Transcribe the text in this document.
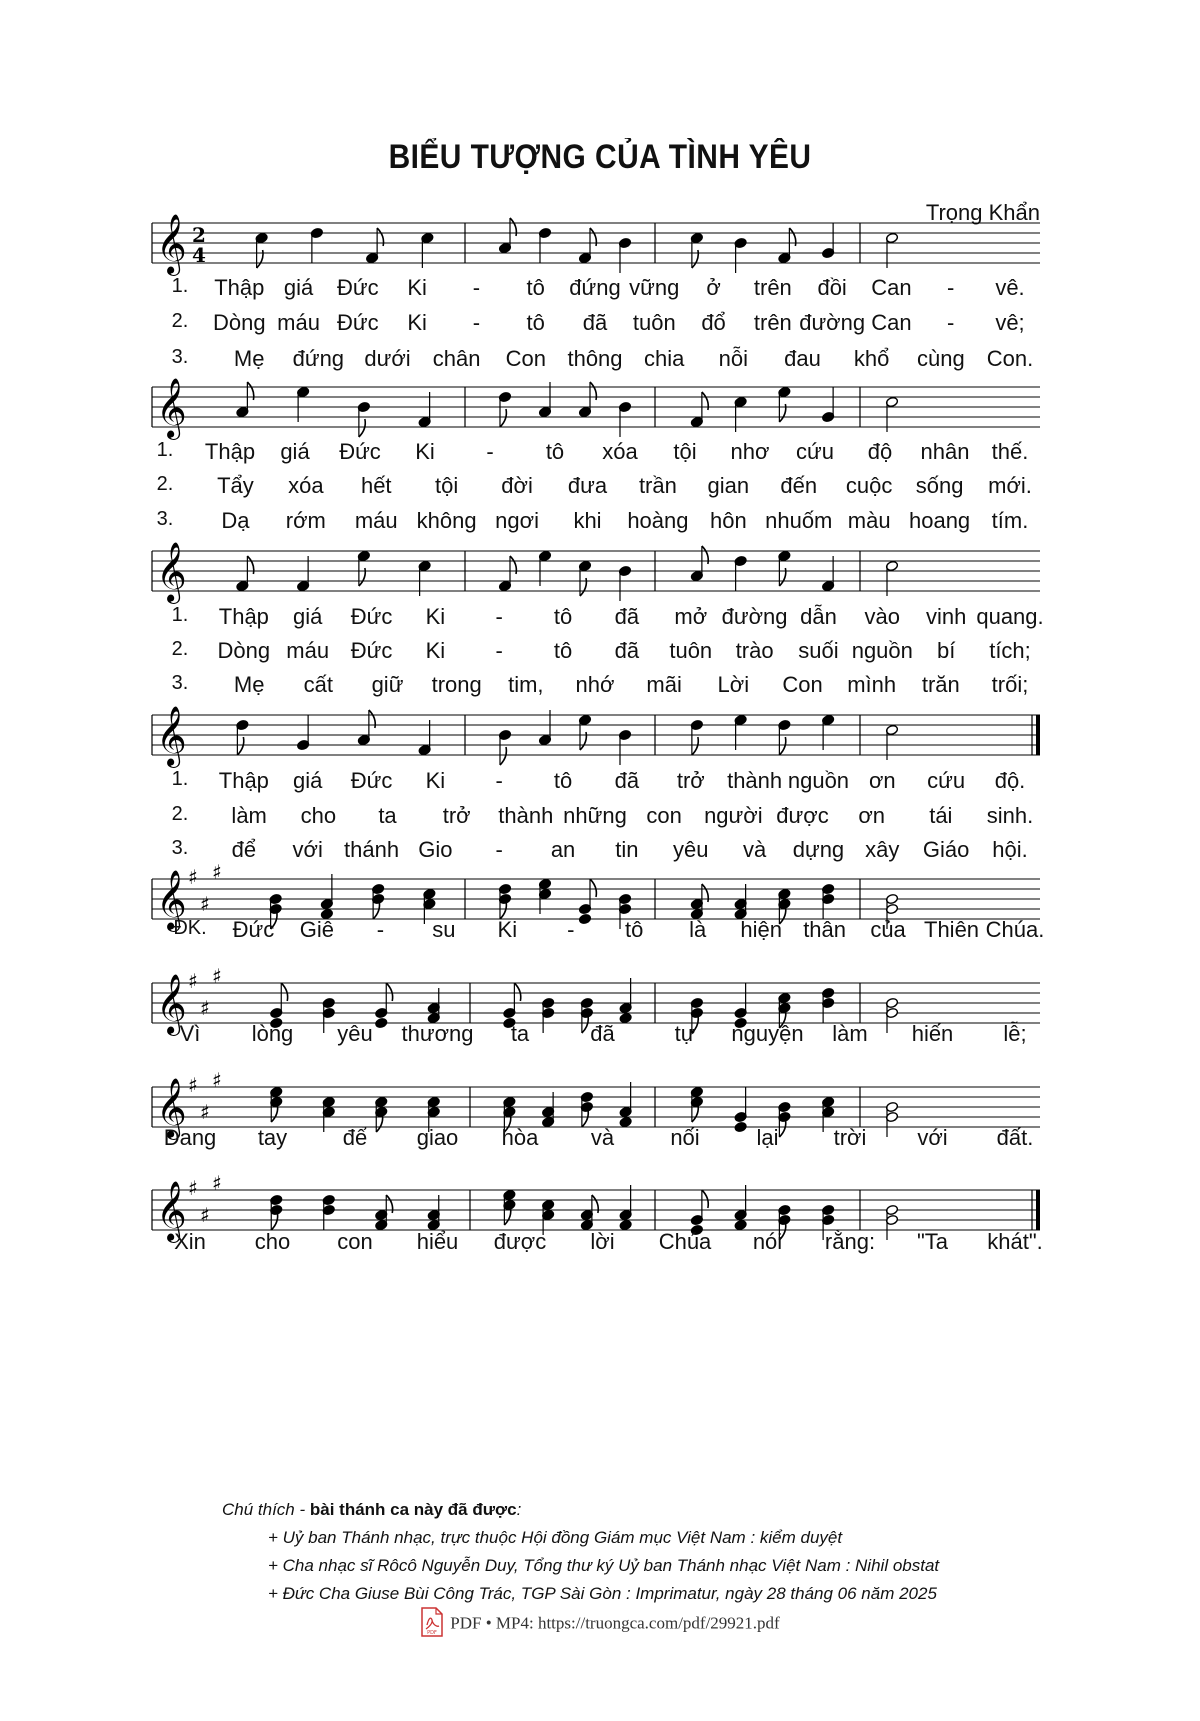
BIỂU TƯỢNG CỦA TÌNH YÊU
Trọng Khẩn
𝄞 2
4
1. Thập giá Đức Ki - tô đứng vững ở trên đồi Can - vê.
2. Dòng máu Đức Ki - tô đã tuôn đổ trên đường Can - vê;
3. Mẹ đứng dưới chân Con thông chia nỗi đau khổ cùng Con.
𝄞
1. Thập giá Đức Ki - tô xóa tội nhơ cứu độ nhân thế.
2. Tẩy xóa hết tội đời đưa trần gian đến cuộc sống mới.
3. Dạ rớm máu không ngơi khi hoàng hôn nhuốm màu hoang tím.
𝄞
1. Thập giá Đức Ki - tô đã mở đường dẫn vào vinh quang.
2. Dòng máu Đức Ki - tô đã tuôn trào suối nguồn bí tích;
3. Mẹ cất giữ trong tim, nhớ mãi Lời Con mình trăn trối;
𝄞
1. Thập giá Đức Ki - tô đã trở thành nguồn ơn cứu độ.
2. làm cho ta trở thành những con người được ơn tái sinh.
3. để với thánh Gio - an tin yêu và dựng xây Giáo hội.
𝄞 ♯
♯
♯
ĐK. Đức Giê - su Ki - tô là hiện thân của Thiên Chúa.
𝄞 ♯
♯
♯
Vì lòng yêu thương ta	đã	tự nguyện làm hiến lễ;
𝄞 ♯
♯
♯
Dang tay	để giao hòa và	nối	lại	trời với đất.
𝄞 ♯
♯
♯
Xin cho con hiểu được lời Chúa nói rằng: "Ta khát".
Chú thích - bài thánh ca này đã được:
+ Uỷ ban Thánh nhạc, trực thuộc Hội đồng Giám mục Việt Nam : kiểm duyệt
+ Cha nhạc sĩ Rôcô Nguyễn Duy, Tổng thư ký Uỷ ban Thánh nhạc Việt Nam : Nihil obstat
+ Đức Cha Giuse Bùi Công Trác, TGP Sài Gòn : Imprimatur, ngày 28 tháng 06 năm 2025
PDF
PDF • MP4: https://truongca.com/pdf/29921.pdf
